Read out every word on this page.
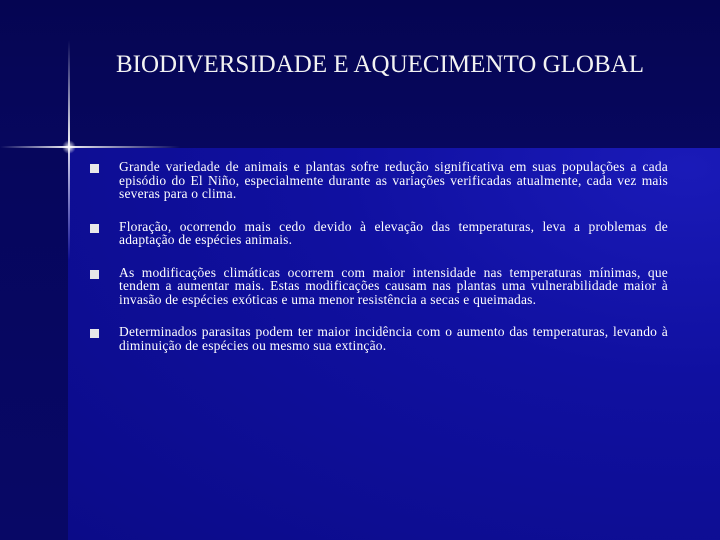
BIODIVERSIDADE E AQUECIMENTO GLOBAL
Grande variedade de animais e plantas sofre redução significativa em suas populações a cada episódio do El Niño, especialmente durante as variações verificadas atualmente, cada vez mais severas para o clima.
Floração, ocorrendo mais cedo devido à elevação das temperaturas, leva a problemas de adaptação de espécies animais.
As modificações climáticas ocorrem com maior intensidade nas temperaturas mínimas, que tendem a aumentar mais. Estas modificações causam nas plantas uma vulnerabilidade maior à invasão de espécies exóticas e uma menor resistência a secas e queimadas.
Determinados parasitas podem ter maior incidência com o aumento das temperaturas, levando à diminuição de espécies ou mesmo sua extinção.
